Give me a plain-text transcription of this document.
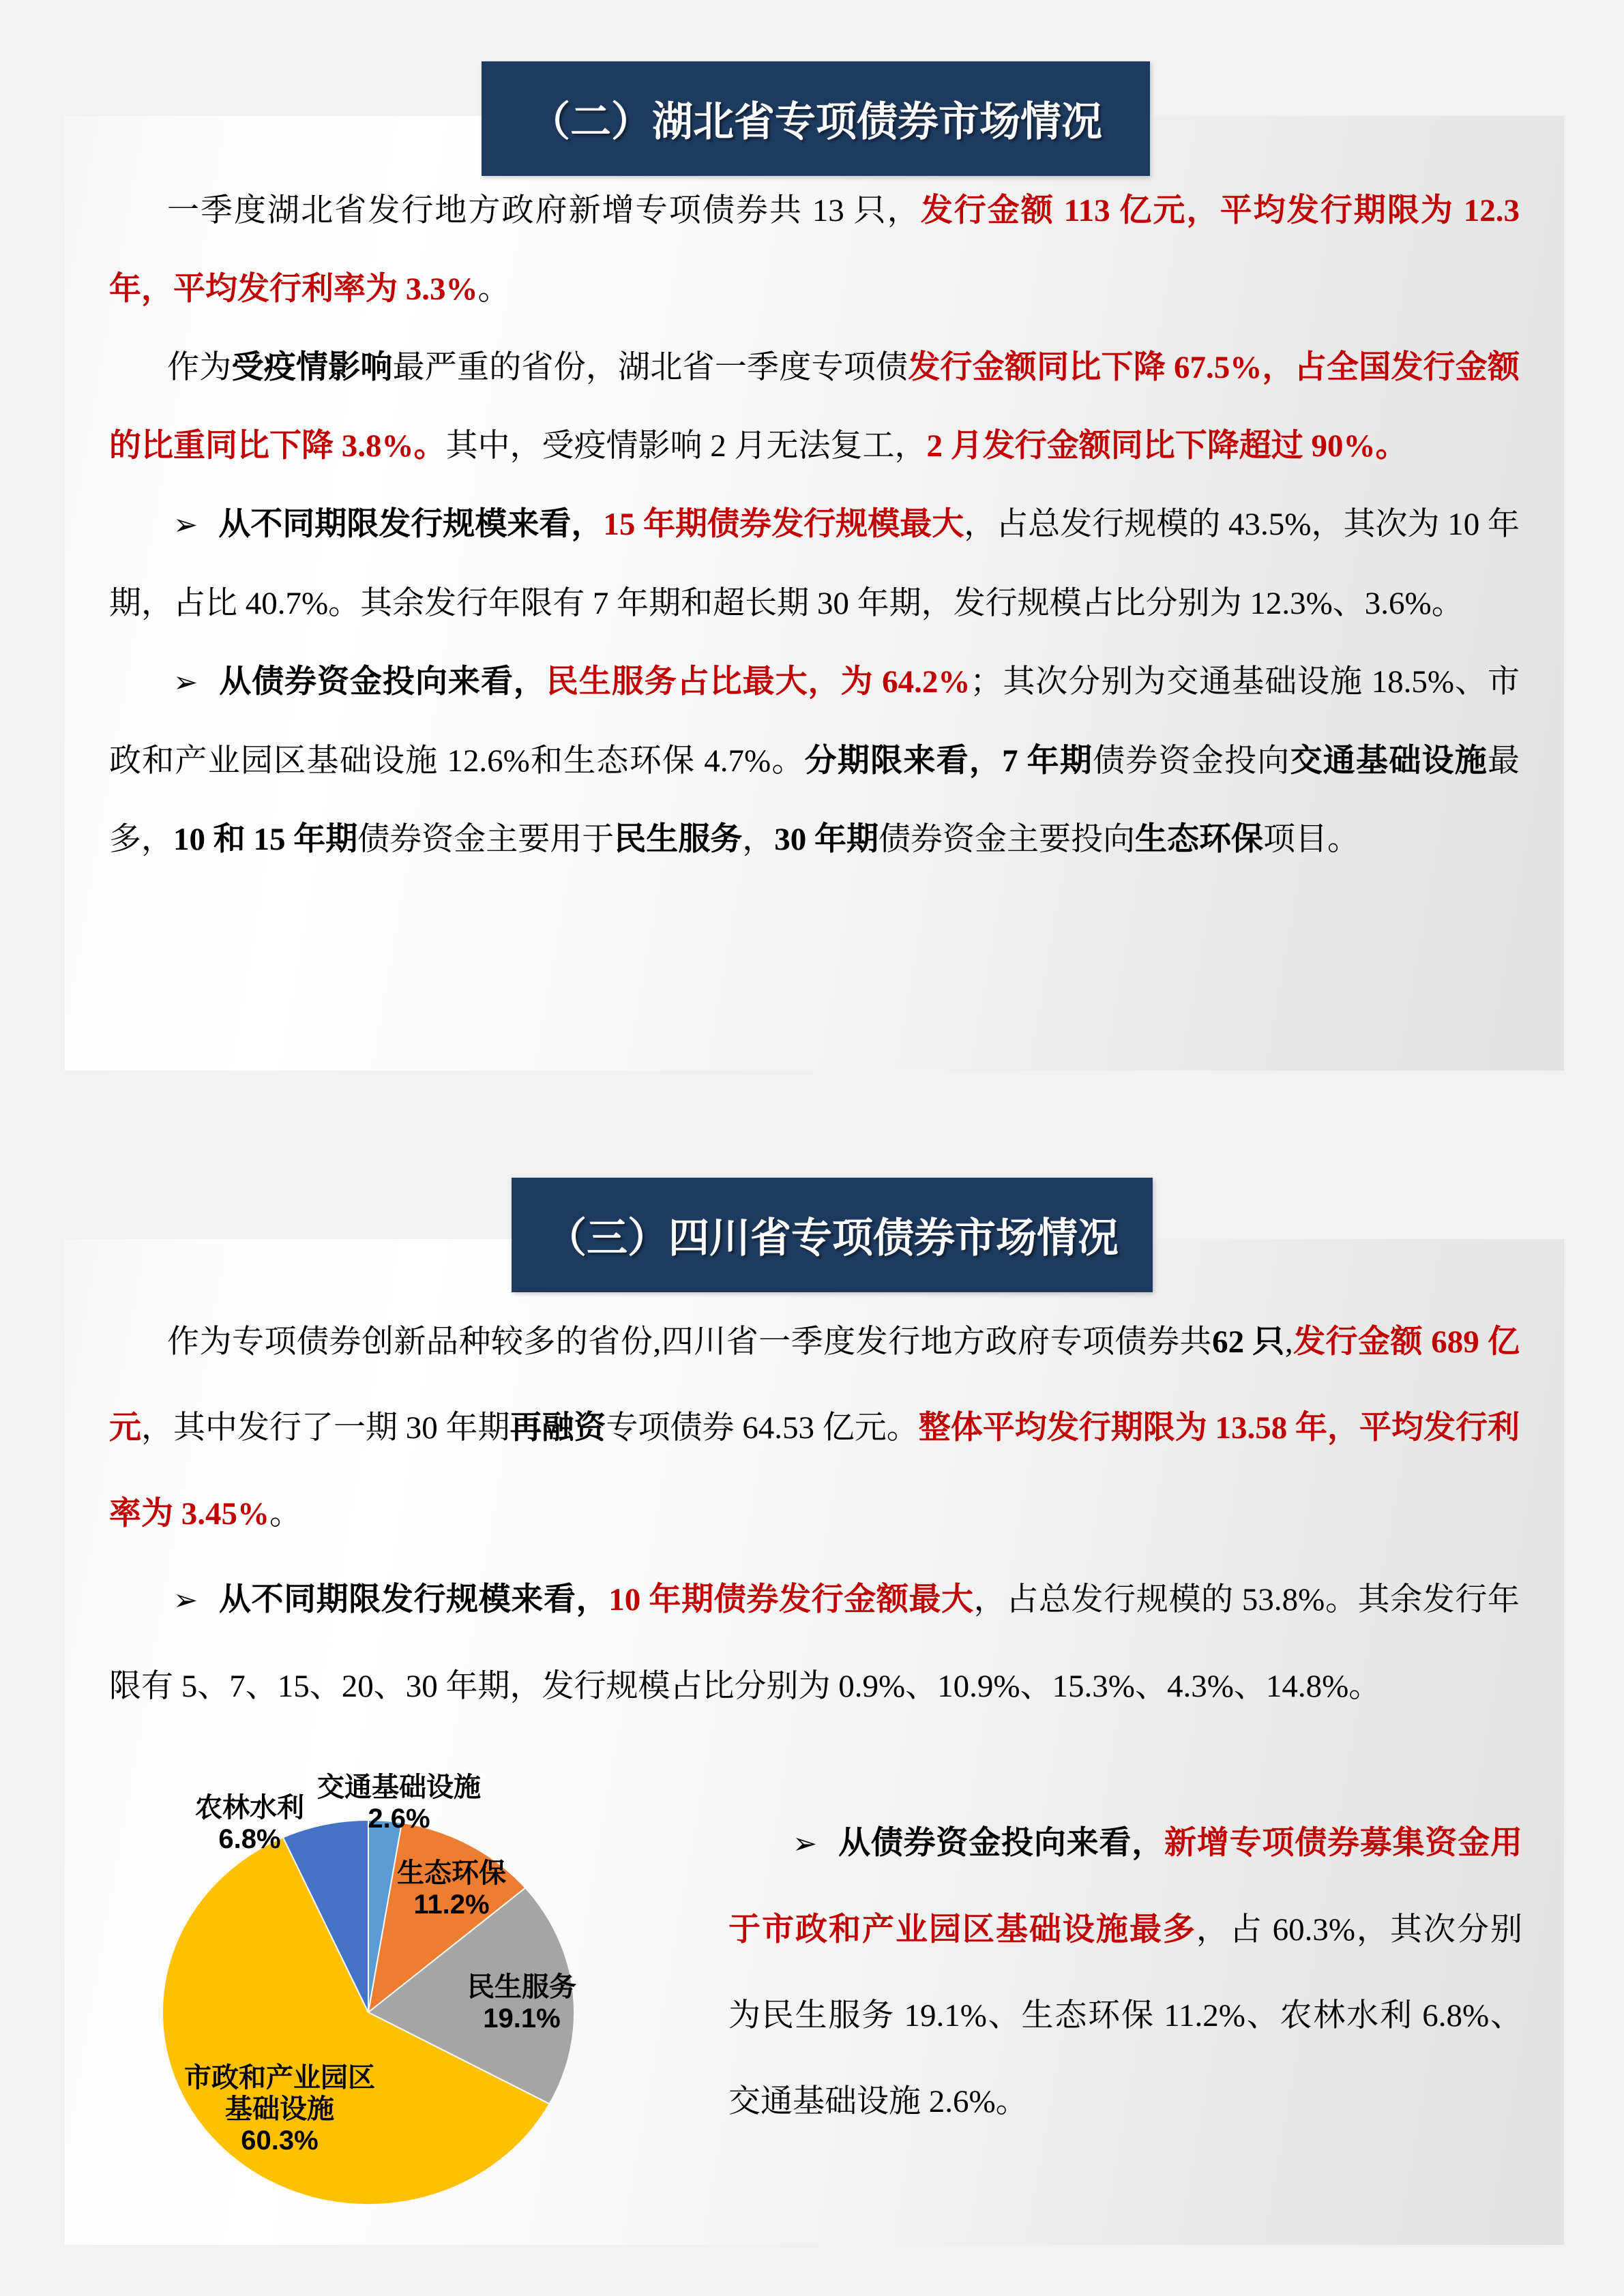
（二）湖北省专项债券市场情况

一季度湖北省发行地方政府新增专项债券共 13 只，发行金额 113 亿元，平均发行期限为 12.3 年，平均发行利率为 3.3%。

作为受疫情影响最严重的省份，湖北省一季度专项债发行金额同比下降 67.5%，占全国发行金额的比重同比下降 3.8%。其中，受疫情影响 2 月无法复工，2 月发行金额同比下降超过 90%。

➢ 从不同期限发行规模来看，15 年期债券发行规模最大，占总发行规模的 43.5%，其次为 10 年期，占比 40.7%。其余发行年限有 7 年期和超长期 30 年期，发行规模占比分别为 12.3%、3.6%。

➢ 从债券资金投向来看，民生服务占比最大，为 64.2%；其次分别为交通基础设施 18.5%、市政和产业园区基础设施 12.6%和生态环保 4.7%。分期限来看，7 年期债券资金投向交通基础设施最多，10 和 15 年期债券资金主要用于民生服务，30 年期债券资金主要投向生态环保项目。

（三）四川省专项债券市场情况

作为专项债券创新品种较多的省份,四川省一季度发行地方政府专项债券共62 只,发行金额 689 亿元，其中发行了一期 30 年期再融资专项债券 64.53 亿元。整体平均发行期限为 13.58 年，平均发行利率为 3.45%。

➢ 从不同期限发行规模来看，10 年期债券发行金额最大，占总发行规模的 53.8%。其余发行年限有 5、7、15、20、30 年期，发行规模占比分别为 0.9%、10.9%、15.3%、4.3%、14.8%。

➢ 从债券资金投向来看，新增专项债券募集资金用于市政和产业园区基础设施最多，占 60.3%，其次分别为民生服务 19.1%、生态环保 11.2%、农林水利 6.8%、交通基础设施 2.6%。

交通基础设施
2.6%
生态环保
11.2%
民生服务
19.1%
市政和产业园区
基础设施
60.3%
农林水利
6.8%
